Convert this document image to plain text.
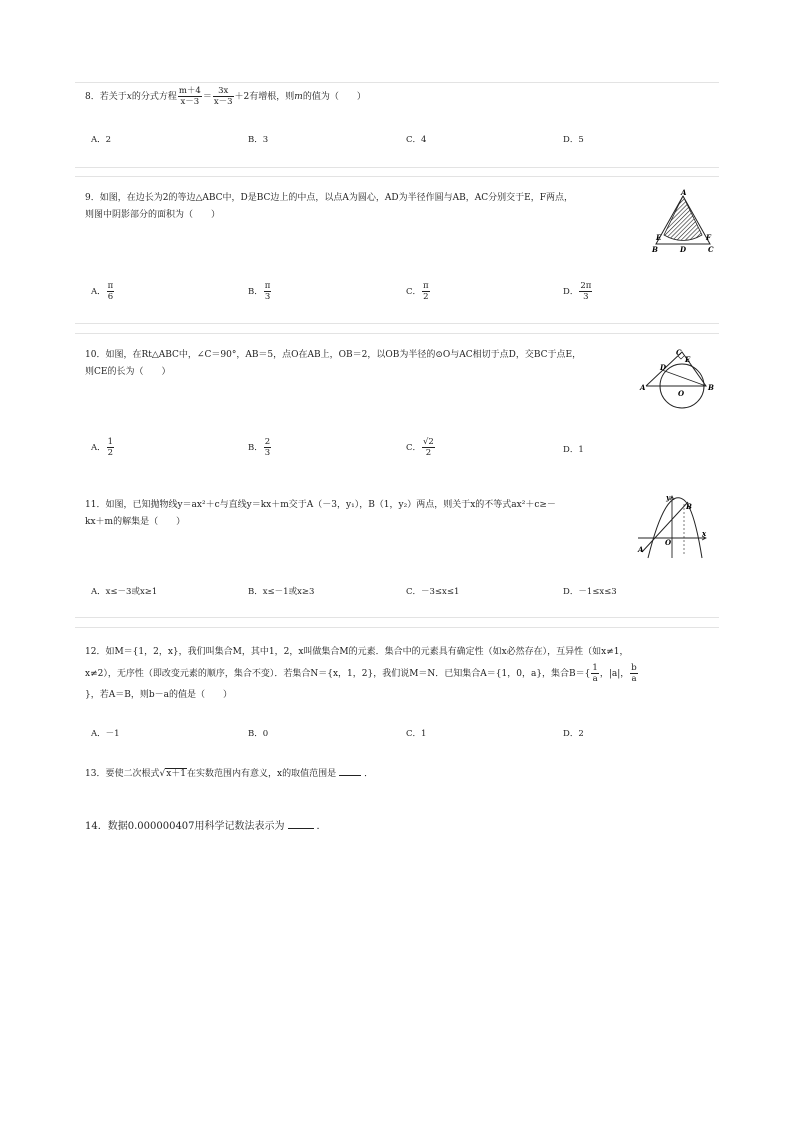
8．若关于x的分式方程 $\frac{m+4}{x-3} = \frac{3x}{x-3} +2$有增根，则m的值为（　　）
A．2	B．3	C．4	D．5
9．如图，在边长为2的等边△ABC中，D是BC边上的中点，以点A为圆心，AD为半径作圆与AB，AC分别交于E，F两点，
则图中阴影部分的面积为（　　）
A
E	F
B	D	C
A． $\frac{\pi}{6}$	B． $\frac{\pi}{3}$	C． $\frac{\pi}{2}$	D． $\frac{2\pi}{3}$
10．如图，在Rt△ABC中，∠C＝90°，AB＝5，点O在AB上，OB＝2，以OB为半径的⊙O与AC相切于点D，交BC于点E，
则CE的长为（　　）
C
D
E
A	B
O
A． $\frac{1}{2}$	B． $\frac{2}{3}$	C． $\frac{√2}{2}$	D．1
11．如图，已知抛物线y＝ax²＋c与直线y＝kx＋m交于A（－3，y₁），B（1，y₂）两点，则关于x的不等式ax²＋c≥－
kx＋m的解集是（　　）
y
B
A
O
x
A．x≤－3或x≥1	B．x≤－1或x≥3	C．－3≤x≤1	D．－1≤x≤3
12．如M＝{1，2，x}，我们叫集合M，其中1，2，x叫做集合M的元素．集合中的元素具有确定性（如x必然存在），互异性（如x≠1，
x≠2），无序性（即改变元素的顺序，集合不变）．若集合N＝{x，1，2}，我们说M＝N．已知集合A＝{1，0，a}，集合$B=\{ \frac{1}{a}$ ，|a|， $\frac{b}{a}$
}，若A＝B，则b－a的值是（　　）
A．－1	B．0	C．1	D．2
13．要使二次根式√x＋1在实数范围内有意义，x的取值范围是	．
14．数据0.000000407用科学记数法表示为	．
